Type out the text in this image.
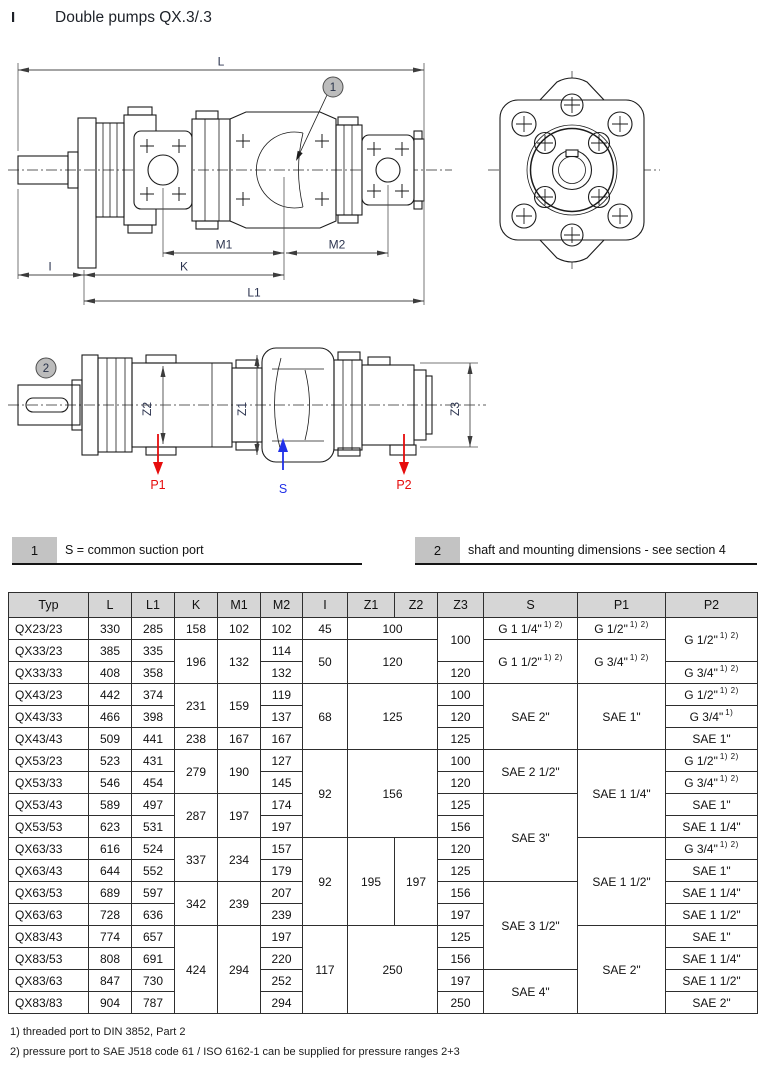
I	Double pumps QX.3/.3
1
L
M1	M2
I	K
L1
2
Z2	Z1	Z3
P1	S	P2
1	S = common suction port	2	shaft and mounting dimensions - see section 4
Typ	L	L1	K	M1	M2	I	Z1	Z2	Z3	S	P1	P2
QX23/23	330	285	158	102	102	45	100		100	G 1 1/4" $^{1) 2)}$	G 1/2" $^{1) 2)}$	G 1/2" $^{1) 2)}$
QX33/23	385	335	196	132	114	50	120			G 1 1/2" $^{1) 2)}$	G 3/4" $^{1) 2)}$
QX33/33	408	358			132				120			G 3/4" $^{1) 2)}$
QX43/23	442	374	231	159	119	68	125		100	SAE 2"	SAE 1"	G 1/2" $^{1) 2)}$
QX43/33	466	398			137				120			G 3/4" $^{1)}$
QX43/43	509	441	238	167	167				125			SAE 1"
QX53/23	523	431	279	190	127	92	156		100	SAE 2 1/2"	SAE 1 1/4"	G 1/2" $^{1) 2)}$
QX53/33	546	454			145				120			G 3/4" $^{1) 2)}$
QX53/43	589	497	287	197	174				125	SAE 3"		SAE 1"
QX53/53	623	531			197				156			SAE 1 1/4"
QX63/33	616	524	337	234	157	92	195	197	120		SAE 1 1/2"	G 3/4" $^{1) 2)}$
QX63/43	644	552			179				125			SAE 1"
QX63/53	689	597	342	239	207				156	SAE 3 1/2"		SAE 1 1/4"
QX63/63	728	636			239				197			SAE 1 1/2"
QX83/43	774	657	424	294	197	117	250		125		SAE 2"	SAE 1"
QX83/53	808	691			220				156			SAE 1 1/4"
QX83/63	847	730			252				197	SAE 4"		SAE 1 1/2"
QX83/83	904	787			294				250			SAE 2"
1) threaded port to DIN 3852, Part 2
2) pressure port to SAE J518 code 61 / ISO 6162-1 can be supplied for pressure ranges 2+3
